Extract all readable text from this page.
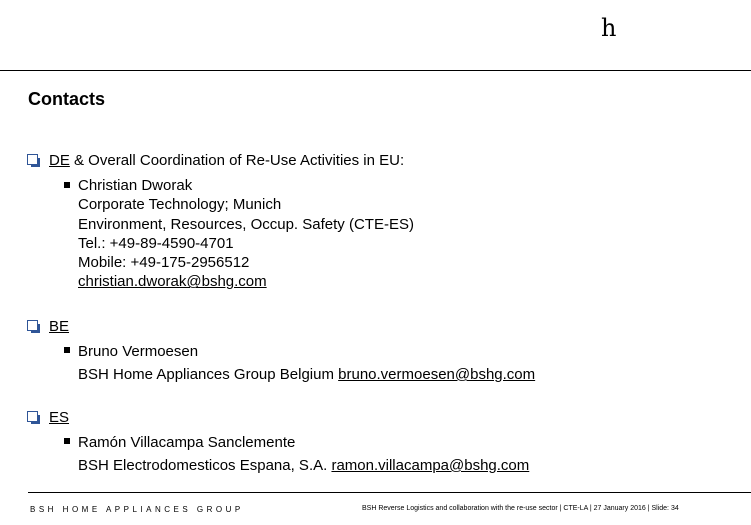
h
Contacts
DE & Overall Coordination of Re-Use Activities in EU:
Christian Dworak
Corporate Technology; Munich
Environment, Resources, Occup. Safety (CTE-ES)
Tel.: +49-89-4590-4701
Mobile: +49-175-2956512
christian.dworak@bshg.com
BE
Bruno Vermoesen
BSH Home Appliances Group Belgium bruno.vermoesen@bshg.com
ES
Ramón Villacampa Sanclemente
BSH Electrodomesticos Espana, S.A. ramon.villacampa@bshg.com
BSH HOME APPLIANCES GROUP	BSH Reverse Logistics and collaboration with the re-use sector | CTE-LA | 27 January 2016 | Slide: 34
